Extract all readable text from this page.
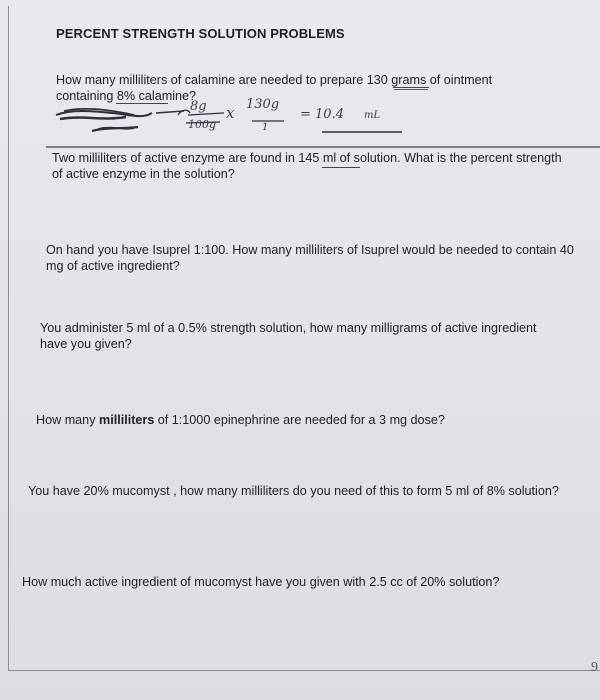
PERCENT STRENGTH SOLUTION PROBLEMS
How many milliliters of calamine are needed to prepare 130 grams of ointment containing 8% calamine?
8g
100g
x 130g
1
= 10.4 mL
Two milliliters of active enzyme are found in 145 ml of solution. What is the percent strength of active enzyme in the solution?
On hand you have Isuprel 1:100. How many milliliters of Isuprel would be needed to contain 40 mg of active ingredient?
You administer 5 ml of a 0.5% strength solution, how many milligrams of active ingredient have you given?
How many milliliters of 1:1000 epinephrine are needed for a 3 mg dose?
You have 20% mucomyst , how many milliliters do you need of this to form 5 ml of 8% solution?
How much active ingredient of mucomyst have you given with 2.5 cc of 20% solution?
9
